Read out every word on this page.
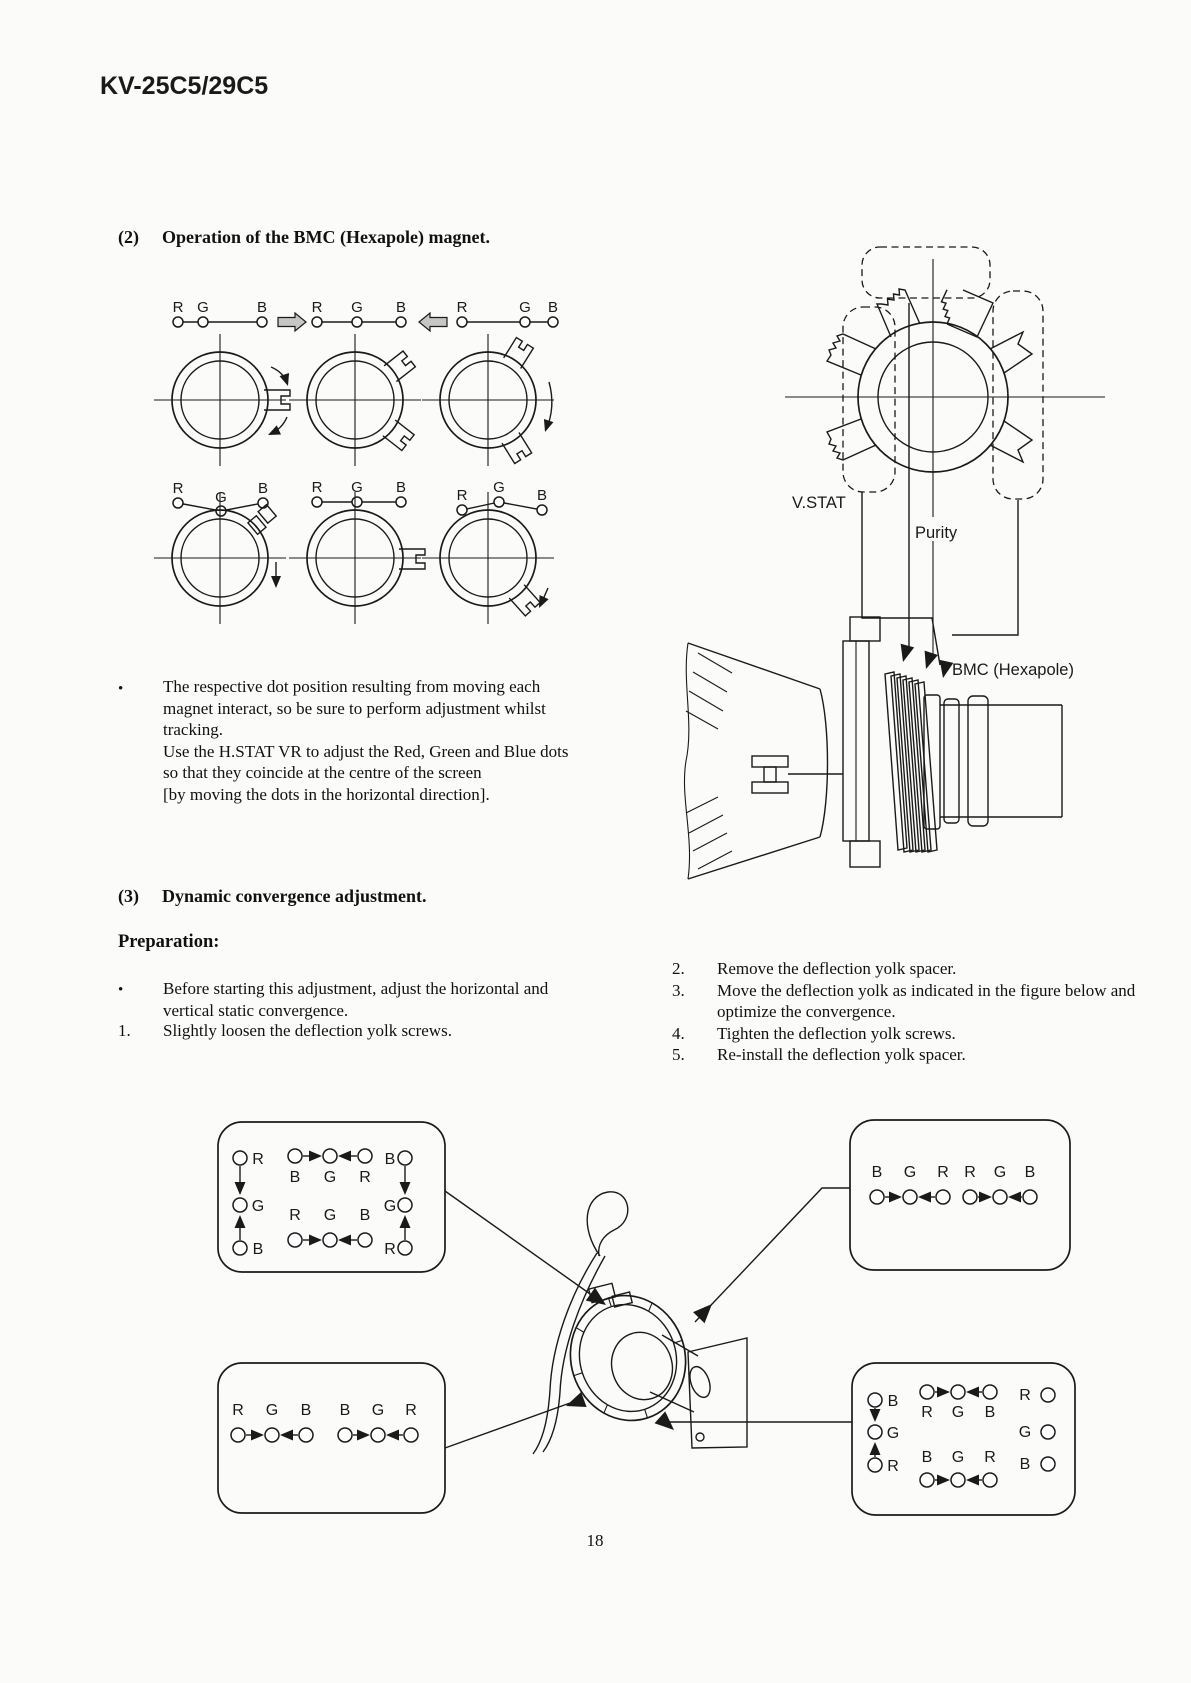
KV-25C5/29C5
(2) Operation of the BMC (Hexapole) magnet.
R G	B	R G B	R	G B
R
G
B	R G B	R G B	V.STAT
Purity
BMC (Hexapole)
• The respective dot position resulting from moving each
magnet interact, so be sure to perform adjustment whilst
tracking.
Use the H.STAT VR to adjust the Red, Green and Blue dots
so that they coincide at the centre of the screen
[by moving the dots in the horizontal direction].
(3) Dynamic convergence adjustment.
Preparation:
• Before starting this adjustment, adjust the horizontal and
vertical static convergence.
1. Slightly loosen the deflection yolk screws.
2. Remove the deflection yolk spacer.
3. Move the deflection yolk as indicated in the figure below and
optimize the convergence.
4. Tighten the deflection yolk screws.
5. Re-install the deflection yolk spacer.
R
G
B
B G R
R G B
B
G
R
B G R R G B
R G B B G R
B
G
R
R G B
B G R
R
G
B
18
